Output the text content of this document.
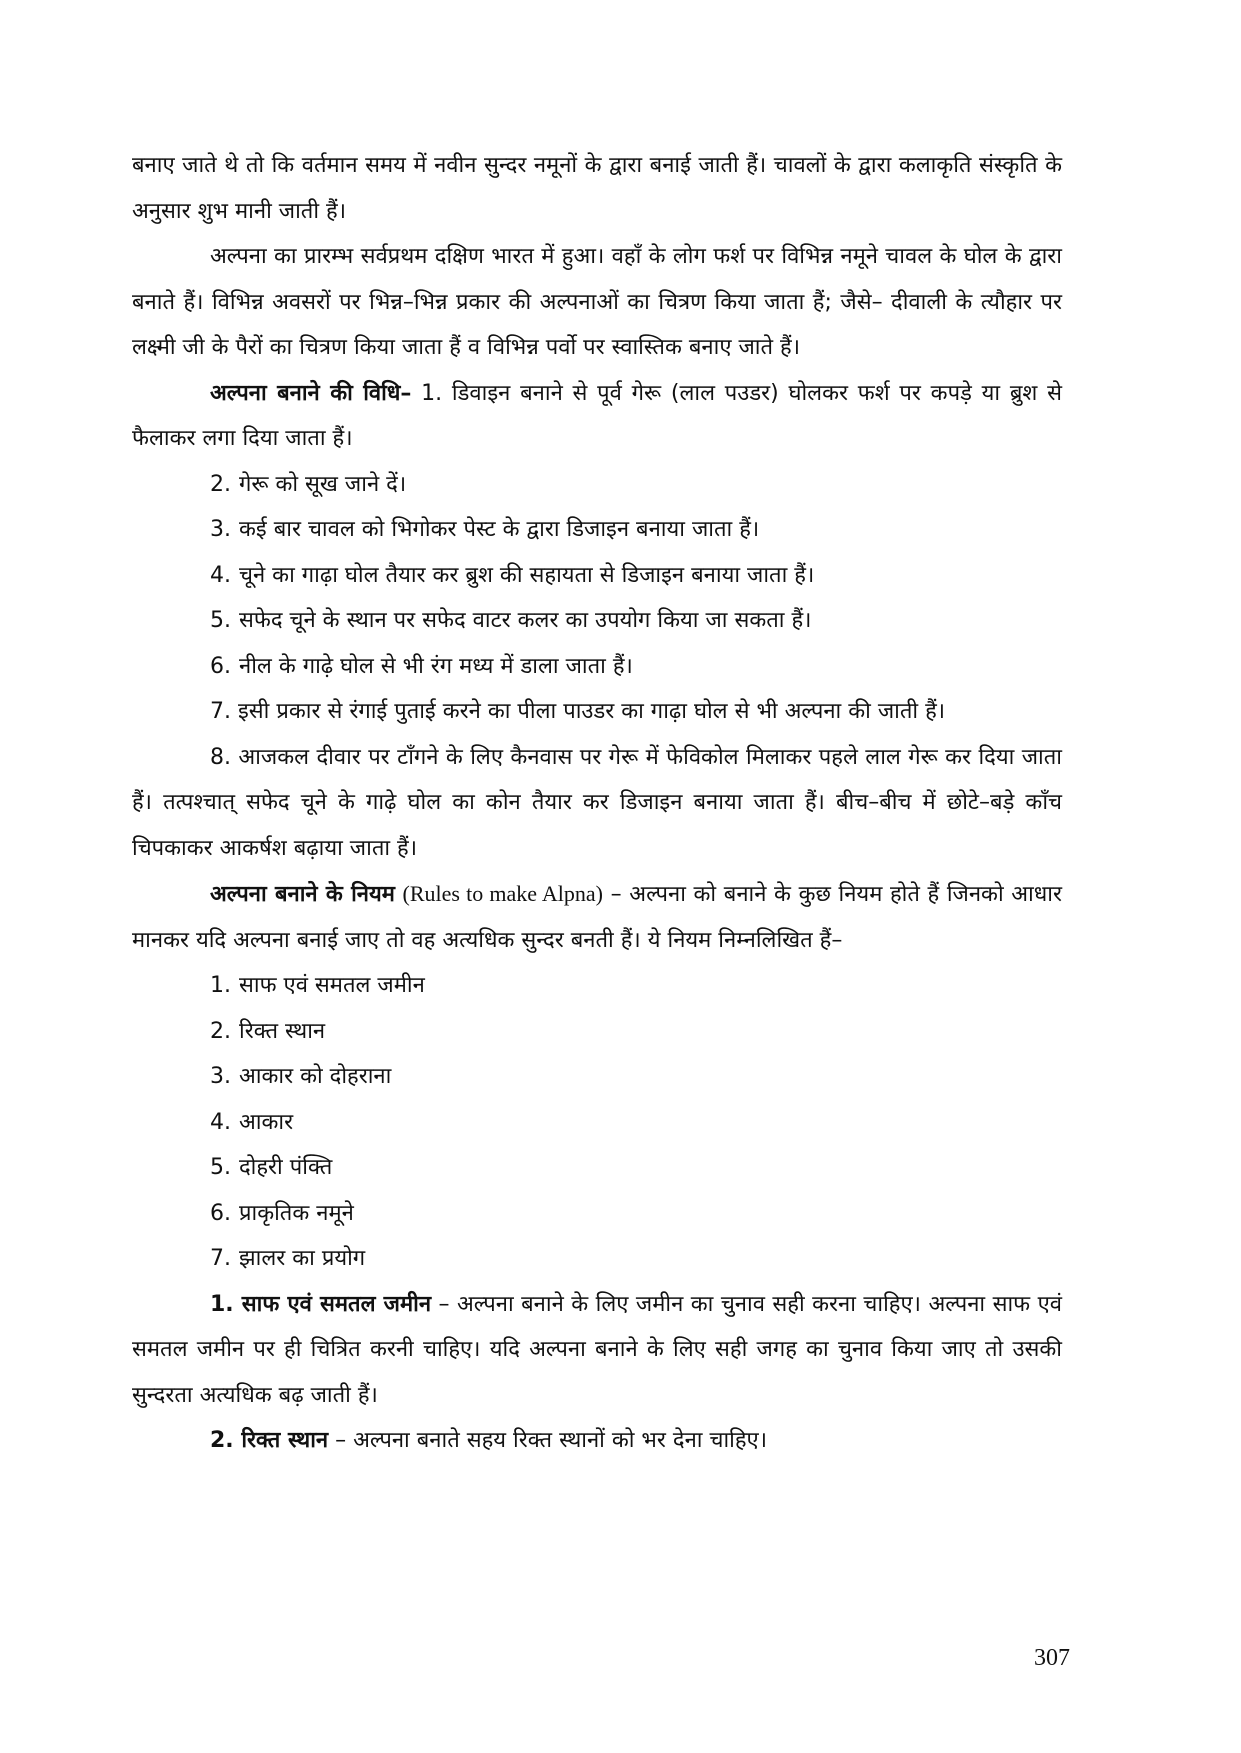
बनाए जाते थे तो कि वर्तमान समय में नवीन सुन्दर नमूनों के द्वारा बनाई जाती हैं। चावलों के द्वारा कलाकृति संस्कृति के अनुसार शुभ मानी जाती हैं।

अल्पना का प्रारम्भ सर्वप्रथम दक्षिण भारत में हुआ। वहाँ के लोग फर्श पर विभिन्न नमूने चावल के घोल के द्वारा बनाते हैं। विभिन्न अवसरों पर भिन्न–भिन्न प्रकार की अल्पनाओं का चित्रण किया जाता हैं; जैसे– दीवाली के त्यौहार पर लक्ष्मी जी के पैरों का चित्रण किया जाता हैं व विभिन्न पर्वो पर स्वास्तिक बनाए जाते हैं।

अल्पना बनाने की विधि– 1. डिवाइन बनाने से पूर्व गेरू (लाल पउडर) घोलकर फर्श पर कपड़े या ब्रुश से फैलाकर लगा दिया जाता हैं।

2. गेरू को सूख जाने दें।
3. कई बार चावल को भिगोकर पेस्ट के द्वारा डिजाइन बनाया जाता हैं।
4. चूने का गाढ़ा घोल तैयार कर ब्रुश की सहायता से डिजाइन बनाया जाता हैं।
5. सफेद चूने के स्थान पर सफेद वाटर कलर का उपयोग किया जा सकता हैं।
6. नील के गाढ़े घोल से भी रंग मध्य में डाला जाता हैं।

7. इसी प्रकार से रंगाई पुताई करने का पीला पाउडर का गाढ़ा घोल से भी अल्पना की जाती हैं।

8. आजकल दीवार पर टाँगने के लिए कैनवास पर गेरू में फेविकोल मिलाकर पहले लाल गेरू कर दिया जाता हैं। तत्पश्चात् सफेद चूने के गाढ़े घोल का कोन तैयार कर डिजाइन बनाया जाता हैं। बीच–बीच में छोटे–बड़े काँच चिपकाकर आकर्षश बढ़ाया जाता हैं।

अल्पना बनाने के नियम (Rules to make Alpna) – अल्पना को बनाने के कुछ नियम होते हैं जिनको आधार मानकर यदि अल्पना बनाई जाए तो वह अत्यधिक सुन्दर बनती हैं। ये नियम निम्नलिखित हैं–

1. साफ एवं समतल जमीन
2. रिक्त स्थान
3. आकार को दोहराना
4. आकार
5. दोहरी पंक्ति
6. प्राकृतिक नमूने
7. झालर का प्रयोग

1. साफ एवं समतल जमीन – अल्पना बनाने के लिए जमीन का चुनाव सही करना चाहिए। अल्पना साफ एवं समतल जमीन पर ही चित्रित करनी चाहिए। यदि अल्पना बनाने के लिए सही जगह का चुनाव किया जाए तो उसकी सुन्दरता अत्यधिक बढ़ जाती हैं।

2. रिक्त स्थान – अल्पना बनाते सहय रिक्त स्थानों को भर देना चाहिए।

307
